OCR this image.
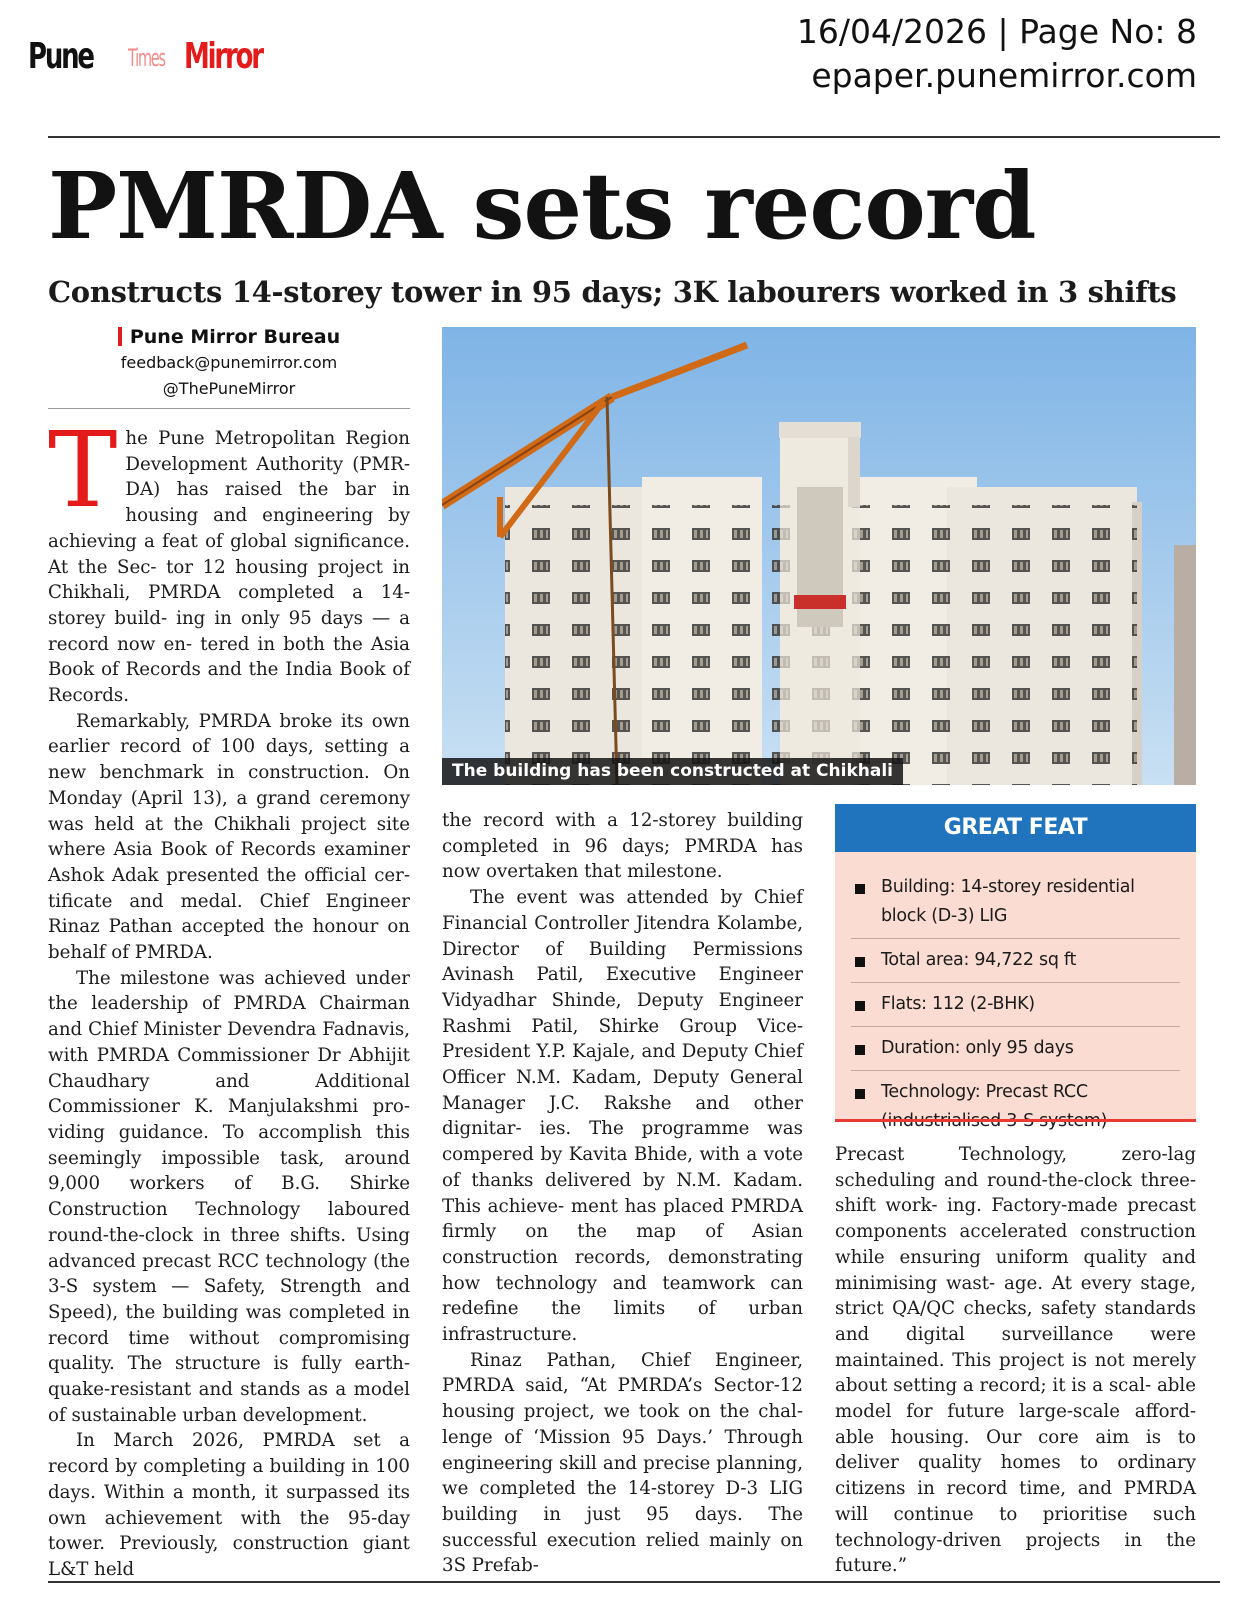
Pune Times Mirror
16/04/2026 | Page No: 8
epaper.punemirror.com
PMRDA sets record
Constructs 14-storey tower in 95 days; 3K labourers worked in 3 shifts
Pune Mirror Bureau
feedback@punemirror.com
@ThePuneMirror

The Pune Metropolitan Region Development Authority (PMR- DA) has raised the bar in housing and engineering by achieving a feat of global significance. At the Sec- tor 12 housing project in Chikhali, PMRDA completed a 14-storey build- ing in only 95 days — a record now en- tered in both the Asia Book of Records and the India Book of Records.

Remarkably, PMRDA broke its own earlier record of 100 days, setting a new benchmark in construction. On Monday (April 13), a grand ceremony was held at the Chikhali project site where Asia Book of Records examiner Ashok Adak presented the official cer- tificate and medal. Chief Engineer Rinaz Pathan accepted the honour on behalf of PMRDA.

The milestone was achieved under the leadership of PMRDA Chairman and Chief Minister Devendra Fadnavis, with PMRDA Commissioner Dr Abhijit Chaudhary and Additional Commissioner K. Manjulakshmi pro- viding guidance. To accomplish this seemingly impossible task, around 9,000 workers of B.G. Shirke Construction Technology laboured round-the-clock in three shifts. Using advanced precast RCC technology (the 3-S system — Safety, Strength and Speed), the building was completed in record time without compromising quality. The structure is fully earth- quake-resistant and stands as a model of sustainable urban development.

In March 2026, PMRDA set a record by completing a building in 100 days. Within a month, it surpassed its own achievement with the 95-day tower. Previously, construction giant L&T held

The building has been constructed at Chikhali

the record with a 12-storey building completed in 96 days; PMRDA has now overtaken that milestone.

The event was attended by Chief Financial Controller Jitendra Kolambe, Director of Building Permissions Avinash Patil, Executive Engineer Vidyadhar Shinde, Deputy Engineer Rashmi Patil, Shirke Group Vice- President Y.P. Kajale, and Deputy Chief Officer N.M. Kadam, Deputy General Manager J.C. Rakshe and other dignitar- ies. The programme was compered by Kavita Bhide, with a vote of thanks delivered by N.M. Kadam. This achieve- ment has placed PMRDA firmly on the map of Asian construction records, demonstrating how technology and teamwork can redefine the limits of urban infrastructure.

Rinaz Pathan, Chief Engineer, PMRDA said, “At PMRDA’s Sector-12 housing project, we took on the chal- lenge of ‘Mission 95 Days.’ Through engineering skill and precise planning, we completed the 14-storey D-3 LIG building in just 95 days. The successful execution relied mainly on 3S Prefab-

GREAT FEAT
Building: 14-storey residential block (D-3) LIG
Total area: 94,722 sq ft
Flats: 112 (2-BHK)
Duration: only 95 days
Technology: Precast RCC

Precast Technology, zero-lag scheduling and round-the-clock three-shift work- ing. Factory-made precast components accelerated construction while ensuring uniform quality and minimising wast- age. At every stage, strict QA/QC checks, safety standards and digital surveillance were maintained. This project is not merely about setting a record; it is a scal- able model for future large-scale afford- able housing. Our core aim is to deliver quality homes to ordinary citizens in record time, and PMRDA will continue to prioritise such technology-driven projects in the future.”
